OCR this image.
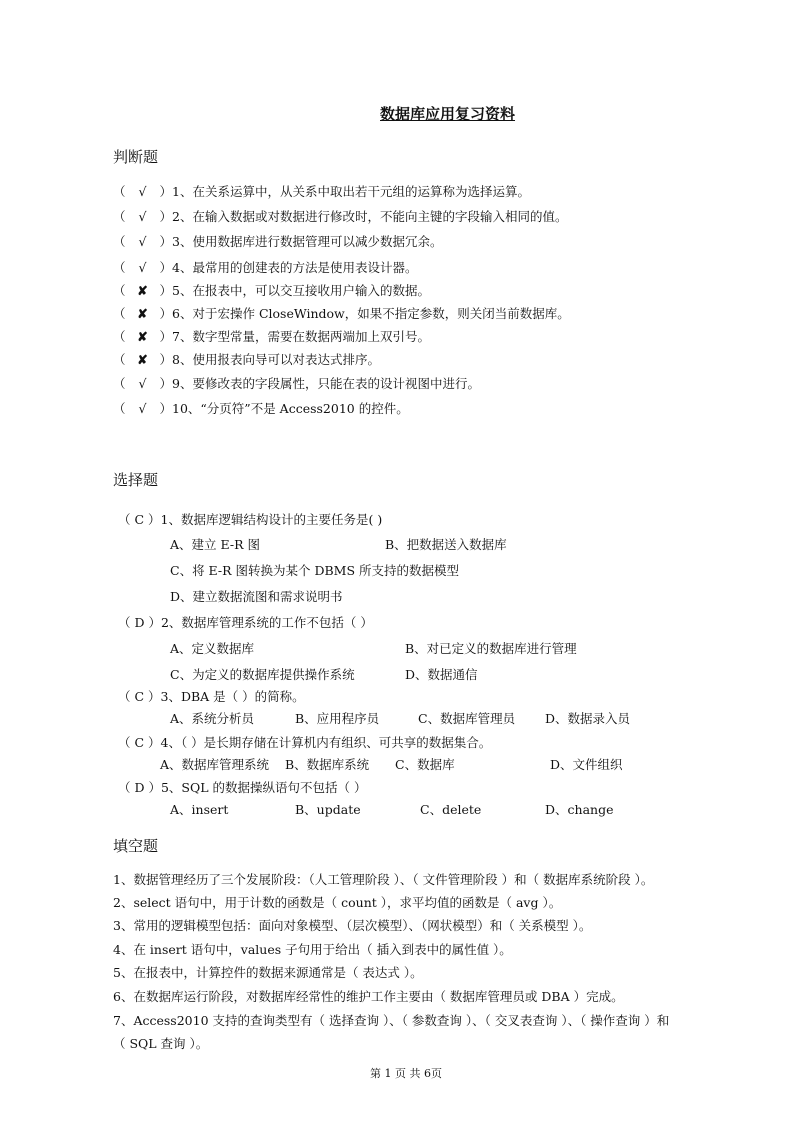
数据库应用复习资料
判断题
（ √ ）1、在关系运算中，从关系中取出若干元组的运算称为选择运算。
（ √ ）2、在输入数据或对数据进行修改时，不能向主键的字段输入相同的值。
（ √ ）3、使用数据库进行数据管理可以减少数据冗余。
（ √ ）4、最常用的创建表的方法是使用表设计器。
（ ✘ ）5、在报表中，可以交互接收用户输入的数据。
（ ✘ ）6、对于宏操作 CloseWindow，如果不指定参数，则关闭当前数据库。
（ ✘ ）7、数字型常量，需要在数据两端加上双引号。
（ ✘ ）8、使用报表向导可以对表达式排序。
（ √ ）9、要修改表的字段属性，只能在表的设计视图中进行。
（ √ ）10、“分页符”不是 Access2010 的控件。
选择题
（ C ）1、数据库逻辑结构设计的主要任务是( )
A、建立 E-R 图	B、把数据送入数据库
C、将 E-R 图转换为某个 DBMS 所支持的数据模型
D、建立数据流图和需求说明书
（ D ）2、数据库管理系统的工作不包括（ ）
A、定义数据库	B、对已定义的数据库进行管理
C、为定义的数据库提供操作系统	D、数据通信
（ C ）3、DBA 是（ ）的简称。
A、系统分析员	B、应用程序员	C、数据库管理员 D、数据录入员
（ C ）4、（ ）是长期存储在计算机内有组织、可共享的数据集合。
A、数据库管理系统 B、数据库系统 C、数据库	D、文件组织
（ D ）5、SQL 的数据操纵语句不包括（ ）
A、insert	B、update	C、delete	D、change
填空题
1、数据管理经历了三个发展阶段：（人工管理阶段 ）、（ 文件管理阶段 ）和（ 数据库系统阶段 ）。
2、select 语句中，用于计数的函数是（ count ），求平均值的函数是（ avg ）。
3、常用的逻辑模型包括：面向对象模型、（层次模型）、（网状模型）和（ 关系模型 ）。
4、在 insert 语句中，values 子句用于给出（ 插入到表中的属性值 ）。
5、在报表中，计算控件的数据来源通常是（ 表达式 ）。
6、在数据库运行阶段，对数据库经常性的维护工作主要由（ 数据库管理员或 DBA ）完成。
7、Access2010 支持的查询类型有（ 选择查询 ）、（ 参数查询 ）、（ 交叉表查询 ）、（ 操作查询 ）和
（ SQL 查询 ）。
第 1 页 共 6页
